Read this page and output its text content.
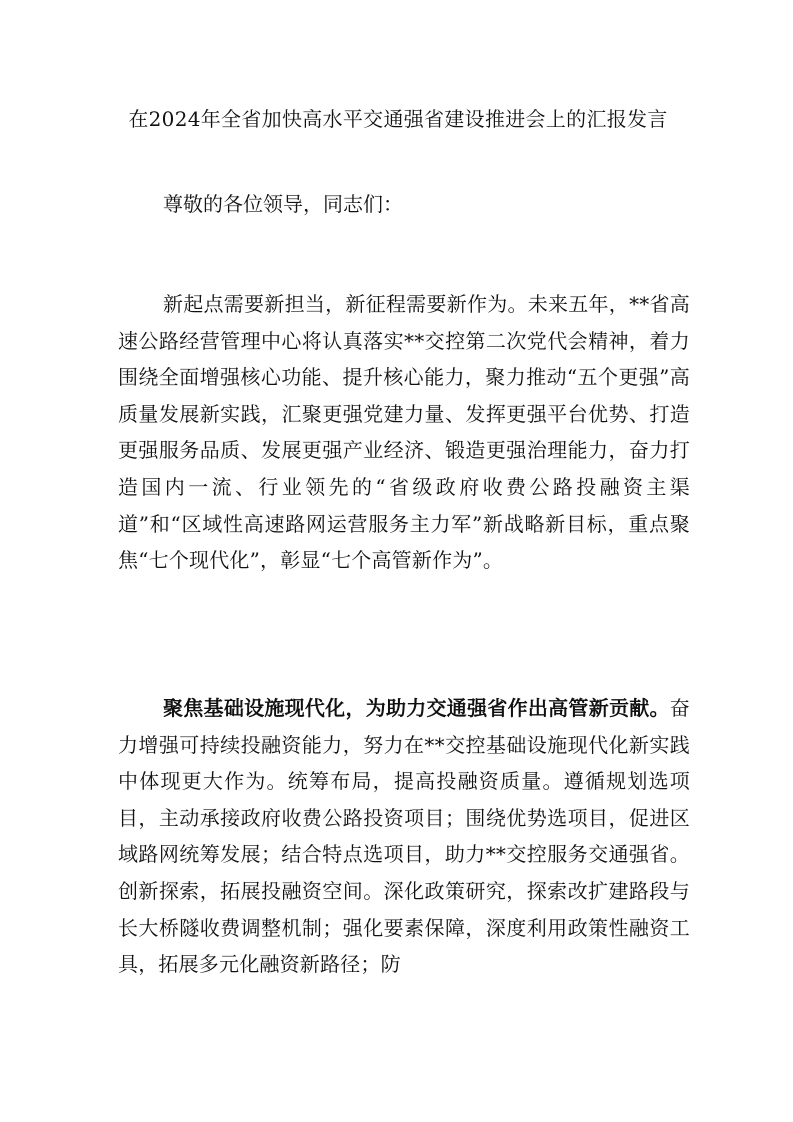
在2024年全省加快高水平交通强省建设推进会上的汇报发言
尊敬的各位领导，同志们：
新起点需要新担当，新征程需要新作为。未来五年，**省高速公路经营管理中心将认真落实**交控第二次党代会精神，着力围绕全面增强核心功能、提升核心能力，聚力推动“五个更强”高质量发展新实践，汇聚更强党建力量、发挥更强平台优势、打造更强服务品质、发展更强产业经济、锻造更强治理能力，奋力打造国内一流、行业领先的“省级政府收费公路投融资主渠道”和“区域性高速路网运营服务主力军”新战略新目标，重点聚焦“七个现代化”，彰显“七个高管新作为”。
聚焦基础设施现代化，为助力交通强省作出高管新贡献。奋力增强可持续投融资能力，努力在**交控基础设施现代化新实践中体现更大作为。统筹布局，提高投融资质量。遵循规划选项目，主动承接政府收费公路投资项目；围绕优势选项目，促进区域路网统筹发展；结合特点选项目，助力**交控服务交通强省。创新探索，拓展投融资空间。深化政策研究，探索改扩建路段与长大桥隧收费调整机制；强化要素保障，深度利用政策性融资工具，拓展多元化融资新路径；防
